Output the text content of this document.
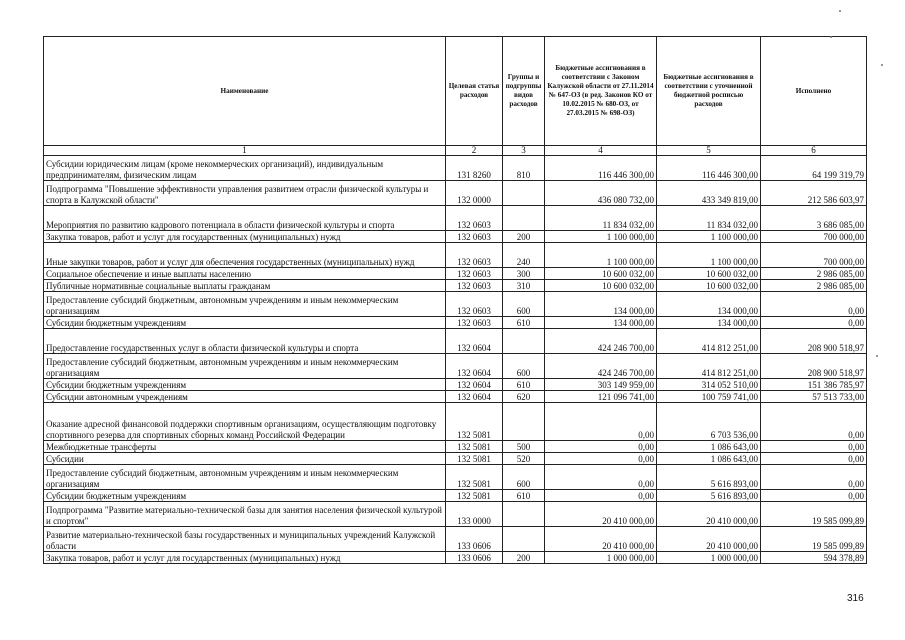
Наименование	Целевая статья расходов	Группы и подгруппы видов расходов	Бюджетные ассигнования в соответствии с Законом Калужской области от 27.11.2014 № 647-ОЗ (в ред. Законов КО от 10.02.2015 № 680-ОЗ, от 27.03.2015 № 698-ОЗ)	Бюджетные ассигнования в соответствии с уточненной бюджетной росписью расходов	Исполнено
1	2	3	4	5	6
Субсидии юридическим лицам (кроме некоммерческих организаций), индивидуальным предпринимателям, физическим лицам	131 8260	810	116 446 300,00	116 446 300,00	64 199 319,79
Подпрограмма "Повышение эффективности управления развитием отрасли физической культуры и спорта в Калужской области"	132 0000		436 080 732,00	433 349 819,00	212 586 603,97
Мероприятия по развитию кадрового потенциала в области физической культуры и спорта	132 0603		11 834 032,00	11 834 032,00	3 686 085,00
Закупка товаров, работ и услуг для государственных (муниципальных) нужд	132 0603	200	1 100 000,00	1 100 000,00	700 000,00
Иные закупки товаров, работ и услуг для обеспечения государственных (муниципальных) нужд	132 0603	240	1 100 000,00	1 100 000,00	700 000,00
Социальное обеспечение и иные выплаты населению	132 0603	300	10 600 032,00	10 600 032,00	2 986 085,00
Публичные нормативные социальные выплаты гражданам	132 0603	310	10 600 032,00	10 600 032,00	2 986 085,00
Предоставление субсидий бюджетным, автономным учреждениям и иным некоммерческим организациям	132 0603	600	134 000,00	134 000,00	0,00
Субсидии бюджетным учреждениям	132 0603	610	134 000,00	134 000,00	0,00
Предоставление государственных услуг в области физической культуры и спорта	132 0604		424 246 700,00	414 812 251,00	208 900 518,97
Предоставление субсидий бюджетным, автономным учреждениям и иным некоммерческим организациям	132 0604	600	424 246 700,00	414 812 251,00	208 900 518,97
Субсидии бюджетным учреждениям	132 0604	610	303 149 959,00	314 052 510,00	151 386 785,97
Субсидии автономным учреждениям	132 0604	620	121 096 741,00	100 759 741,00	57 513 733,00
Оказание адресной финансовой поддержки спортивным организациям, осуществляющим подготовку спортивного резерва для спортивных сборных команд Российской Федерации	132 5081		0,00	6 703 536,00	0,00
Межбюджетные трансферты	132 5081	500	0,00	1 086 643,00	0,00
Субсидии	132 5081	520	0,00	1 086 643,00	0,00
Предоставление субсидий бюджетным, автономным учреждениям и иным некоммерческим организациям	132 5081	600	0,00	5 616 893,00	0,00
Субсидии бюджетным учреждениям	132 5081	610	0,00	5 616 893,00	0,00
Подпрограмма "Развитие материально-технической базы для занятия населения физической культурой и спортом"	133 0000		20 410 000,00	20 410 000,00	19 585 099,89
Развитие материально-технической базы государственных и муниципальных учреждений Калужской области	133 0606		20 410 000,00	20 410 000,00	19 585 099,89
Закупка товаров, работ и услуг для государственных (муниципальных) нужд	133 0606	200	1 000 000,00	1 000 000,00	594 378,89
316
